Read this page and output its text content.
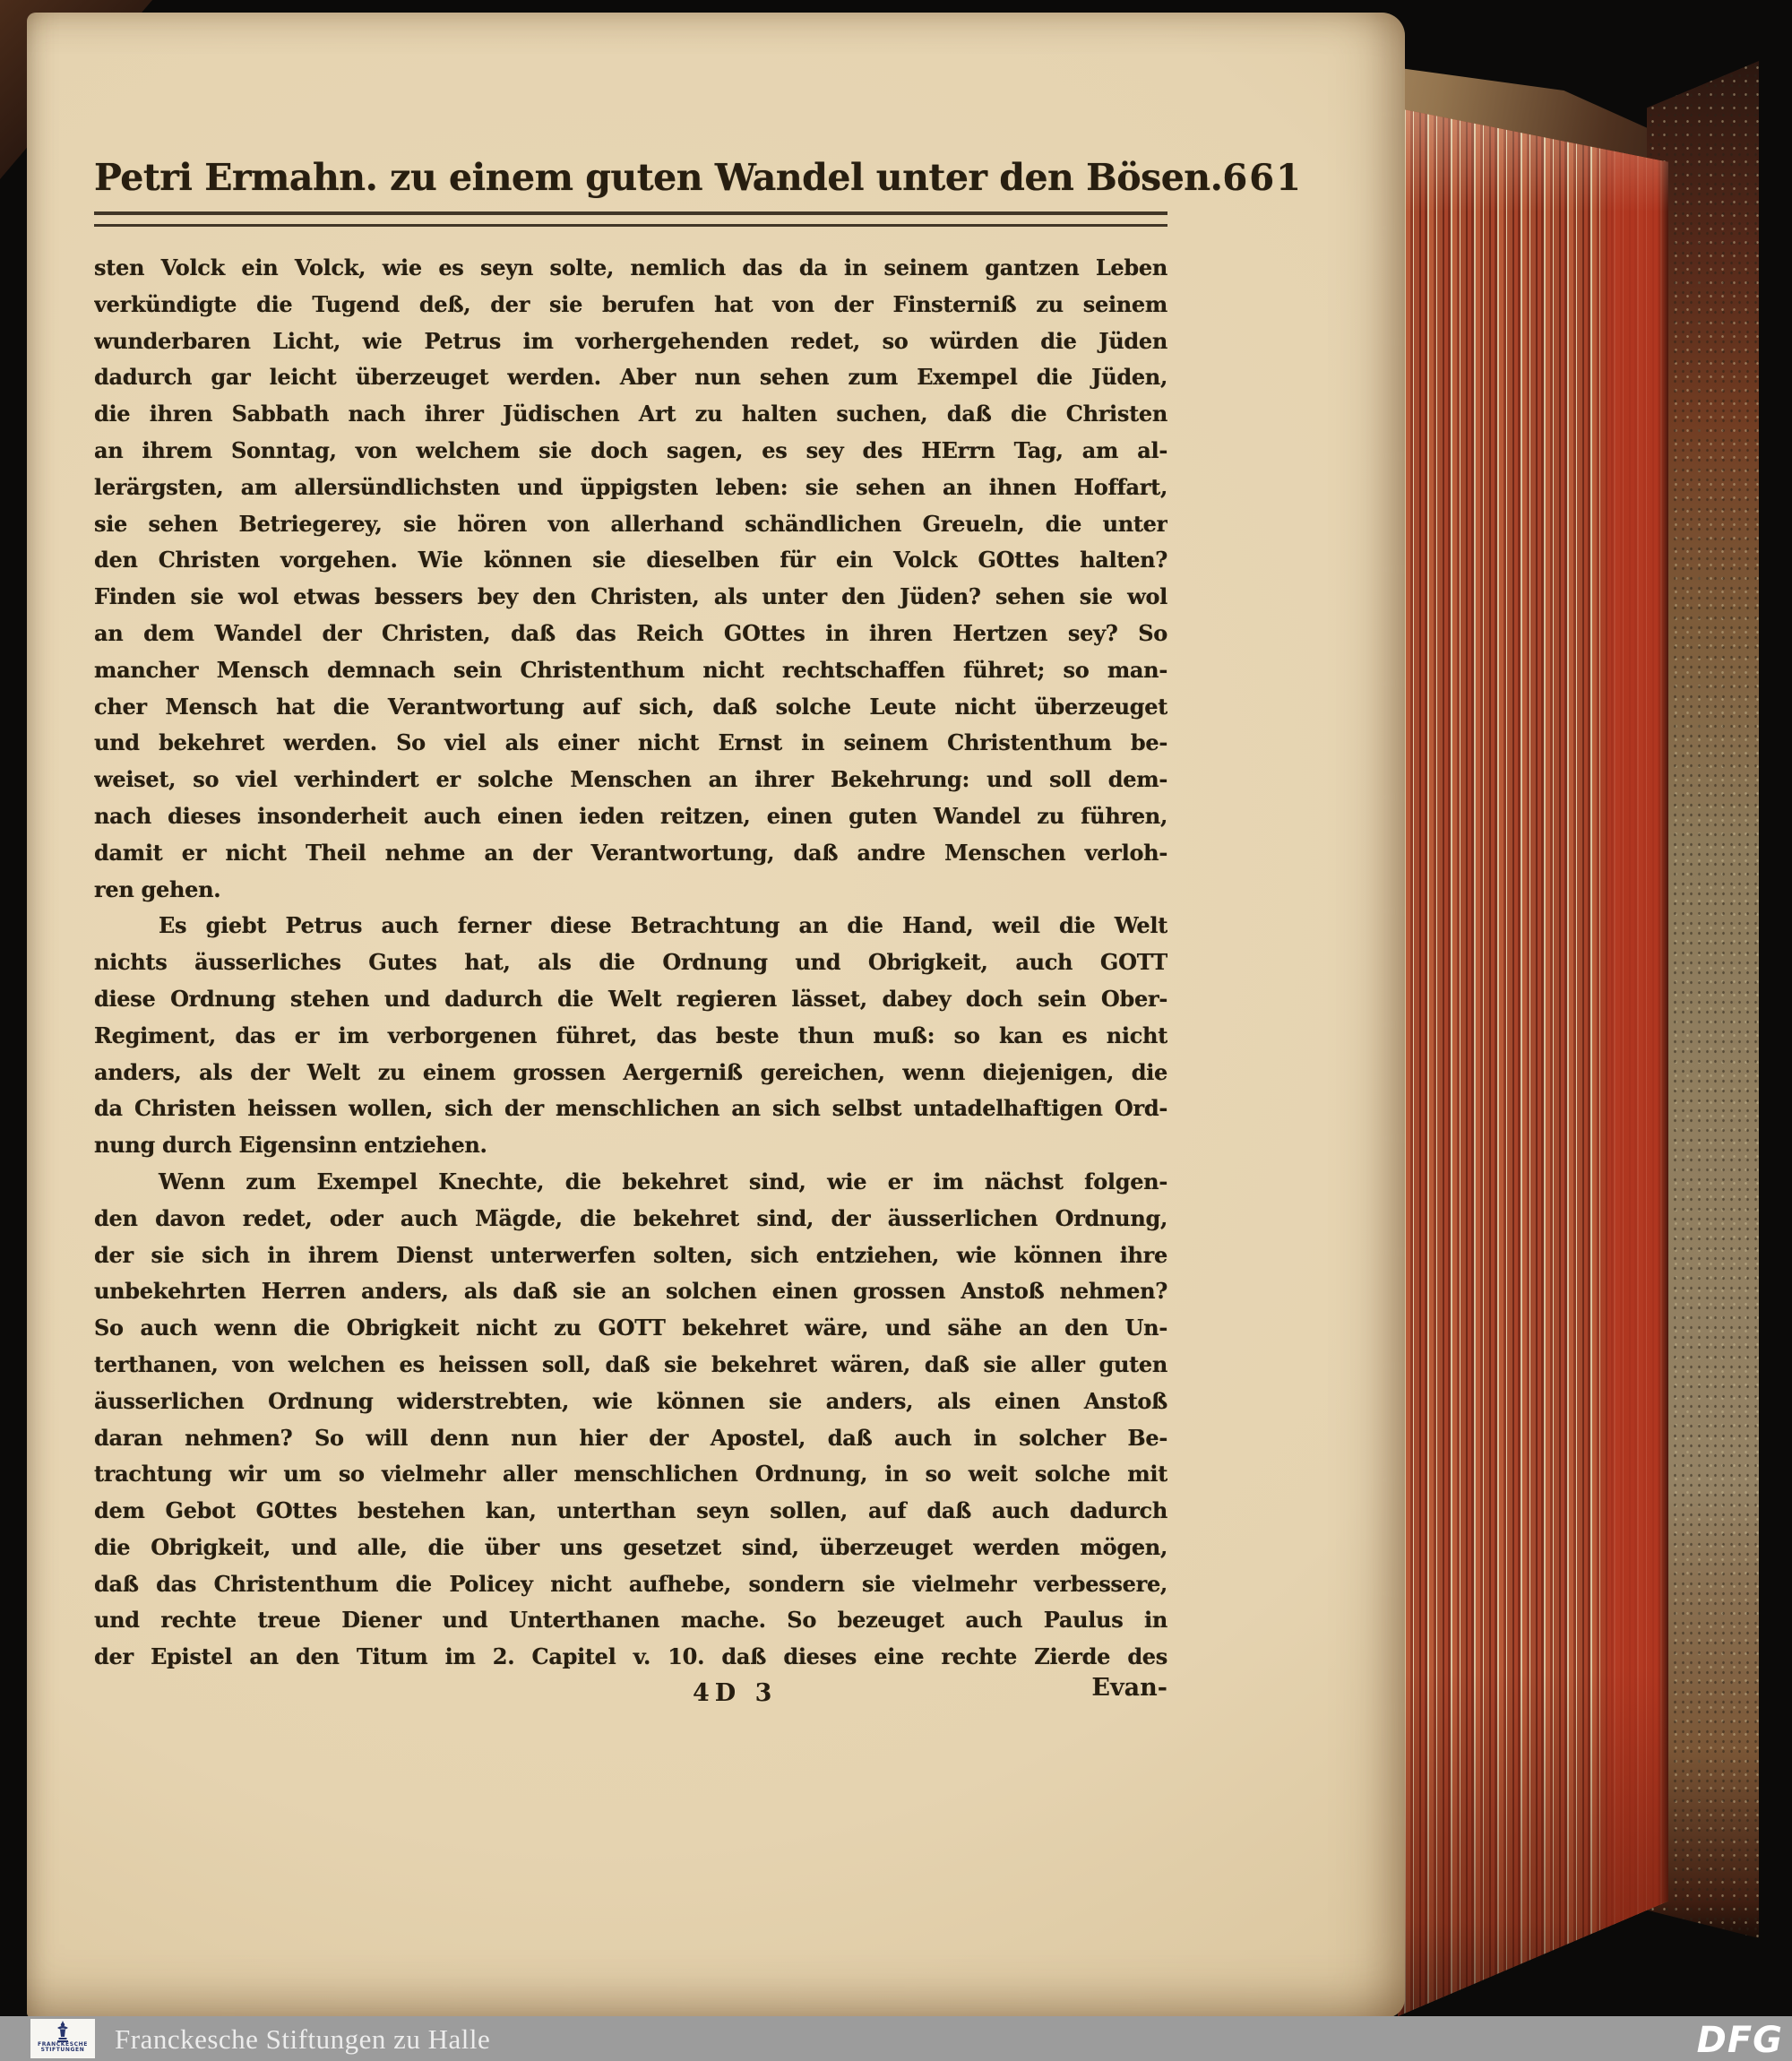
Petri Ermahn. zu einem guten Wandel unter den Bösen. 661
sten Volck ein Volck, wie es seyn solte, nemlich das da in seinem gantzen Leben
verkündigte die Tugend deß, der sie berufen hat von der Finsterniß zu seinem
wunderbaren Licht, wie Petrus im vorhergehenden redet, so würden die Jüden
dadurch gar leicht überzeuget werden. Aber nun sehen zum Exempel die Jüden,
die ihren Sabbath nach ihrer Jüdischen Art zu halten suchen, daß die Christen
an ihrem Sonntag, von welchem sie doch sagen, es sey des HErrn Tag, am al-
lerärgsten, am allersündlichsten und üppigsten leben: sie sehen an ihnen Hoffart,
sie sehen Betriegerey, sie hören von allerhand schändlichen Greueln, die unter
den Christen vorgehen. Wie können sie dieselben für ein Volck GOttes halten?
Finden sie wol etwas bessers bey den Christen, als unter den Jüden? sehen sie wol
an dem Wandel der Christen, daß das Reich GOttes in ihren Hertzen sey? So
mancher Mensch demnach sein Christenthum nicht rechtschaffen führet; so man-
cher Mensch hat die Verantwortung auf sich, daß solche Leute nicht überzeuget
und bekehret werden. So viel als einer nicht Ernst in seinem Christenthum be-
weiset, so viel verhindert er solche Menschen an ihrer Bekehrung: und soll dem-
nach dieses insonderheit auch einen ieden reitzen, einen guten Wandel zu führen,
damit er nicht Theil nehme an der Verantwortung, daß andre Menschen verloh-
ren gehen.
Es giebt Petrus auch ferner diese Betrachtung an die Hand, weil die Welt
nichts äusserliches Gutes hat, als die Ordnung und Obrigkeit, auch GOTT
diese Ordnung stehen und dadurch die Welt regieren lässet, dabey doch sein Ober-
Regiment, das er im verborgenen führet, das beste thun muß: so kan es nicht
anders, als der Welt zu einem grossen Aergerniß gereichen, wenn diejenigen, die
da Christen heissen wollen, sich der menschlichen an sich selbst untadelhaftigen Ord-
nung durch Eigensinn entziehen.
Wenn zum Exempel Knechte, die bekehret sind, wie er im nächst folgen-
den davon redet, oder auch Mägde, die bekehret sind, der äusserlichen Ordnung,
der sie sich in ihrem Dienst unterwerfen solten, sich entziehen, wie können ihre
unbekehrten Herren anders, als daß sie an solchen einen grossen Anstoß nehmen?
So auch wenn die Obrigkeit nicht zu GOTT bekehret wäre, und sähe an den Un-
terthanen, von welchen es heissen soll, daß sie bekehret wären, daß sie aller guten
äusserlichen Ordnung widerstrebten, wie können sie anders, als einen Anstoß
daran nehmen? So will denn nun hier der Apostel, daß auch in solcher Be-
trachtung wir um so vielmehr aller menschlichen Ordnung, in so weit solche mit
dem Gebot GOttes bestehen kan, unterthan seyn sollen, auf daß auch dadurch
die Obrigkeit, und alle, die über uns gesetzet sind, überzeuget werden mögen,
daß das Christenthum die Policey nicht aufhebe, sondern sie vielmehr verbessere,
und rechte treue Diener und Unterthanen mache. So bezeuget auch Paulus in
der Epistel an den Titum im 2. Capitel v. 10. daß dieses eine rechte Zierde des
4D 3	Evan-
FRANCKESCHE
STIFTUNGEN Franckesche Stiftungen zu Halle	DFG
